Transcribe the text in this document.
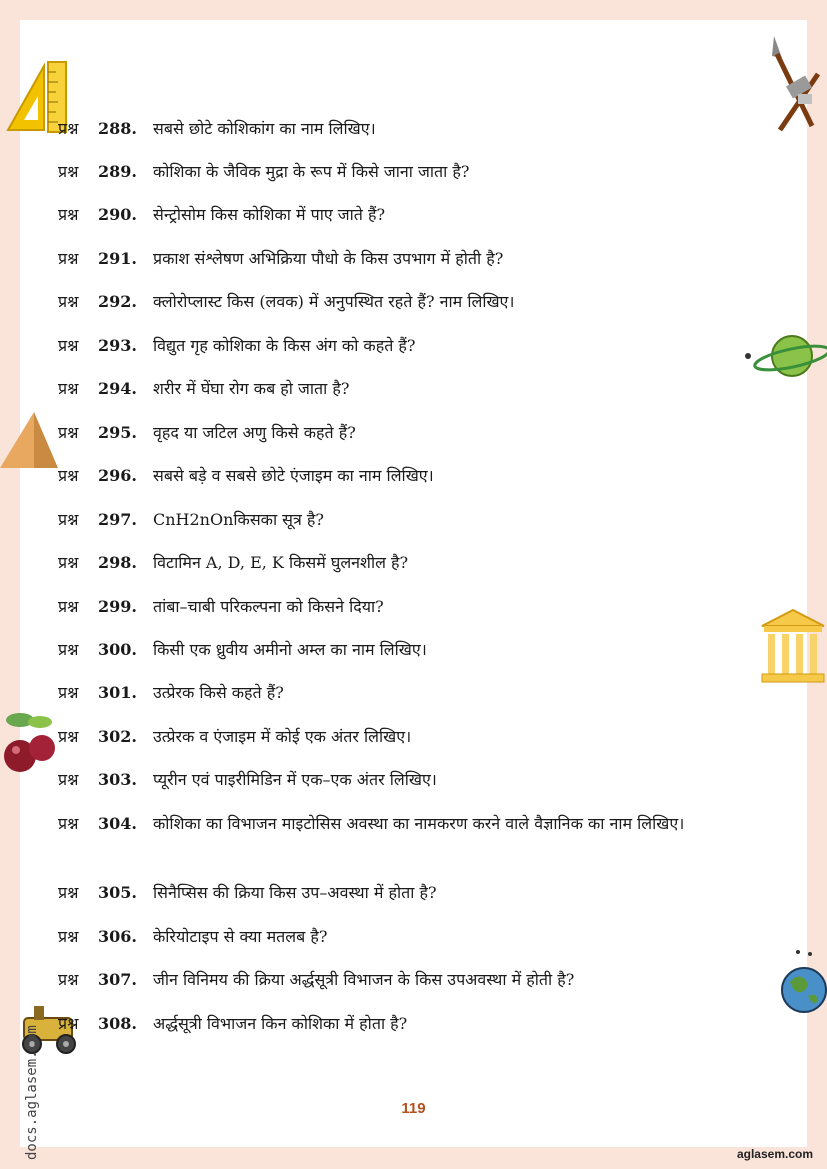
प्रश्न	288.	सबसे छोटे कोशिकांग का नाम लिखिए।
प्रश्न	289.	कोशिका के जैविक मुद्रा के रूप में किसे जाना जाता है?
प्रश्न	290.	सेन्ट्रोसोम किस कोशिका में पाए जाते हैं?
प्रश्न	291.	प्रकाश संश्लेषण अभिक्रिया पौधो के किस उपभाग में होती है?
प्रश्न	292.	क्लोरोप्लास्ट किस (लवक) में अनुपस्थित रहते हैं? नाम लिखिए।
प्रश्न	293.	विद्युत गृह कोशिका के किस अंग को कहते हैं?
प्रश्न	294.	शरीर में घेंघा रोग कब हो जाता है?
प्रश्न	295.	वृहद या जटिल अणु किसे कहते हैं?
प्रश्न	296.	सबसे बड़े व सबसे छोटे एंजाइम का नाम लिखिए।
प्रश्न	297.	CnH2nOnकिसका सूत्र है?
प्रश्न	298.	विटामिन A, D, E, K किसमें घुलनशील है?
प्रश्न	299.	तांबा–चाबी परिकल्पना को किसने दिया?
प्रश्न	300.	किसी एक ध्रुवीय अमीनो अम्ल का नाम लिखिए।
प्रश्न	301.	उत्प्रेरक किसे कहते हैं?
प्रश्न	302.	उत्प्रेरक व एंजाइम में कोई एक अंतर लिखिए।
प्रश्न	303.	प्यूरीन एवं पाइरीमिडिन में एक–एक अंतर लिखिए।
प्रश्न	304.	कोशिका का विभाजन माइटोसिस अवस्था का नामकरण करने वाले वैज्ञानिक का नाम लिखिए।
प्रश्न	305.	सिनैप्सिस की क्रिया किस उप–अवस्था में होता है?
प्रश्न	306.	केरियोटाइप से क्या मतलब है?
प्रश्न	307.	जीन विनिमय की क्रिया अर्द्धसूत्री विभाजन के किस उपअवस्था में होती है?
प्रश्न	308.	अर्द्धसूत्री विभाजन किन कोशिका में होता है?
119
docs.aglasem.com	aglasem.com
